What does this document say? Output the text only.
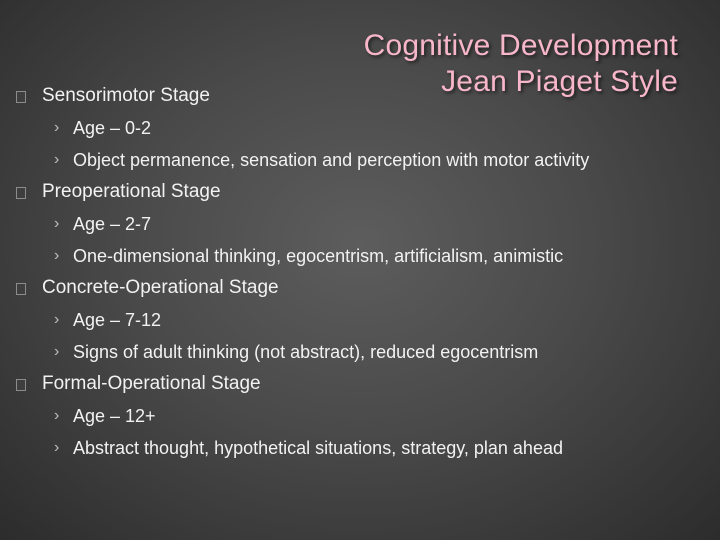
Cognitive Development
Jean Piaget Style
Sensorimotor Stage
› Age – 0-2
› Object permanence, sensation and perception with motor activity
Preoperational Stage
› Age – 2-7
› One-dimensional thinking, egocentrism, artificialism, animistic
Concrete-Operational Stage
› Age – 7-12
› Signs of adult thinking (not abstract), reduced egocentrism
Formal-Operational Stage
› Age – 12+
› Abstract thought, hypothetical situations, strategy, plan ahead
